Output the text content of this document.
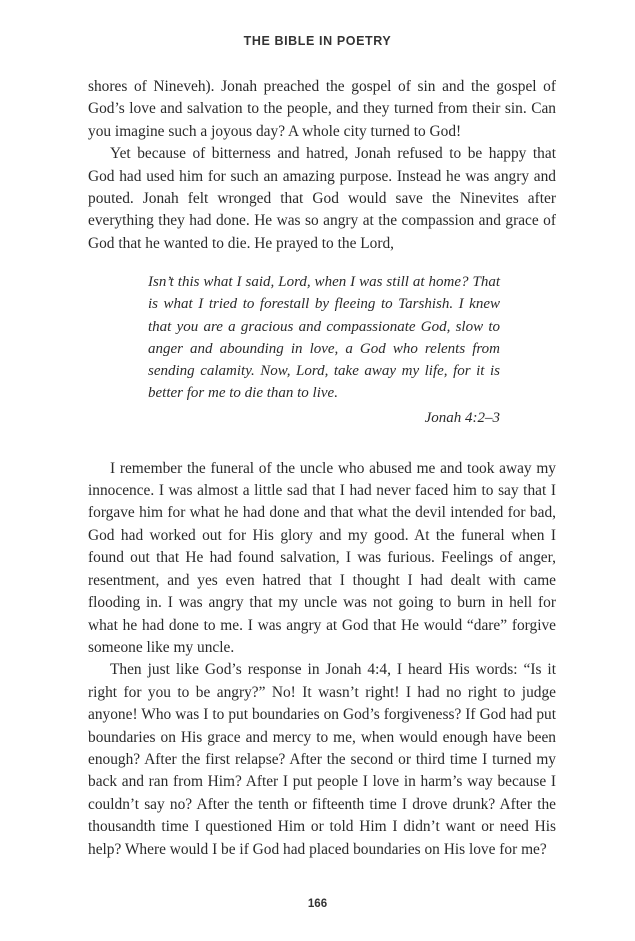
THE BIBLE IN POETRY

shores of Nineveh). Jonah preached the gospel of sin and the gospel of God’s love and salvation to the people, and they turned from their sin. Can you imagine such a joyous day? A whole city turned to God!

Yet because of bitterness and hatred, Jonah refused to be happy that God had used him for such an amazing purpose. Instead he was angry and pouted. Jonah felt wronged that God would save the Ninevites after everything they had done. He was so angry at the compassion and grace of God that he wanted to die. He prayed to the Lord,

Isn’t this what I said, Lord, when I was still at home? That is what I tried to forestall by fleeing to Tarshish. I knew that you are a gracious and compassionate God, slow to anger and abounding in love, a God who relents from sending calamity. Now, Lord, take away my life, for it is better for me to die than to live.
Jonah 4:2–3

I remember the funeral of the uncle who abused me and took away my innocence. I was almost a little sad that I had never faced him to say that I forgave him for what he had done and that what the devil intended for bad, God had worked out for His glory and my good. At the funeral when I found out that He had found salvation, I was furious. Feelings of anger, resentment, and yes even hatred that I thought I had dealt with came flooding in. I was angry that my uncle was not going to burn in hell for what he had done to me. I was angry at God that He would “dare” forgive someone like my uncle.

Then just like God’s response in Jonah 4:4, I heard His words: “Is it right for you to be angry?” No! It wasn’t right! I had no right to judge anyone! Who was I to put boundaries on God’s forgiveness? If God had put boundaries on His grace and mercy to me, when would enough have been enough? After the first relapse? After the second or third time I turned my back and ran from Him? After I put people I love in harm’s way because I couldn’t say no? After the tenth or fifteenth time I drove drunk? After the thousandth time I questioned Him or told Him I didn’t want or need His help? Where would I be if God had placed boundaries on His love for me?

166
